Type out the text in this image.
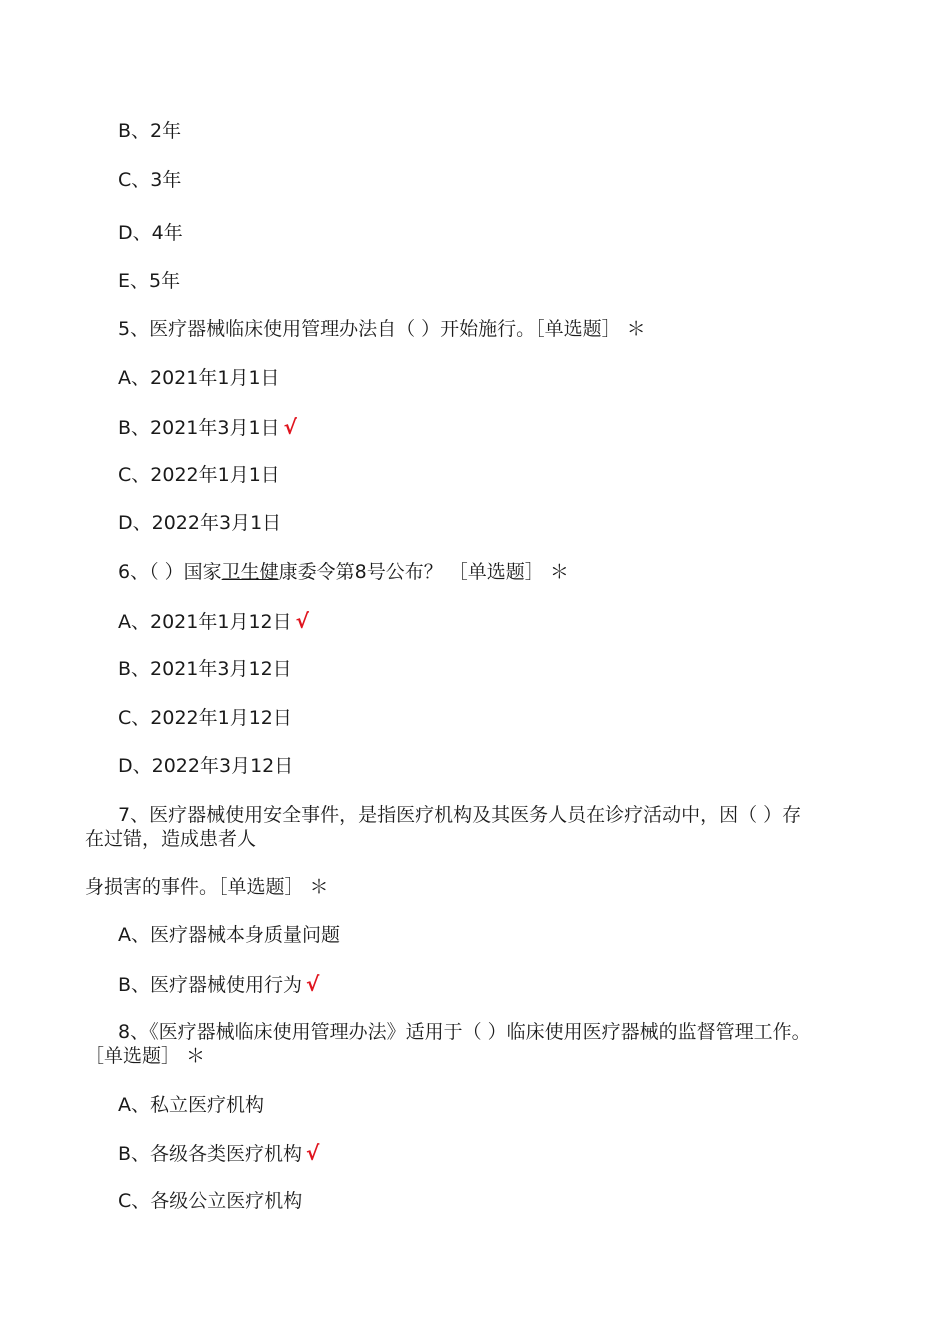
B、2年
C、3年
D、4年
E、5年
5、医疗器械临床使用管理办法自（ ）开始施行。［单选题］ ＊
A、2021年1月1日
B、2021年3月1日 √
C、2022年1月1日
D、2022年3月1日
6、（ ）国家卫生健康委令第8号公布？ ［单选题］ ＊
A、2021年1月12日 √
B、2021年3月12日
C、2022年1月12日
D、2022年3月12日
7、医疗器械使用安全事件，是指医疗机构及其医务人员在诊疗活动中，因（ ）存
在过错，造成患者人
身损害的事件。［单选题］ ＊
A、医疗器械本身质量问题
B、医疗器械使用行为 √
8、《医疗器械临床使用管理办法》适用于（ ）临床使用医疗器械的监督管理工作。
［单选题］ ＊
A、私立医疗机构
B、各级各类医疗机构 √
C、各级公立医疗机构
